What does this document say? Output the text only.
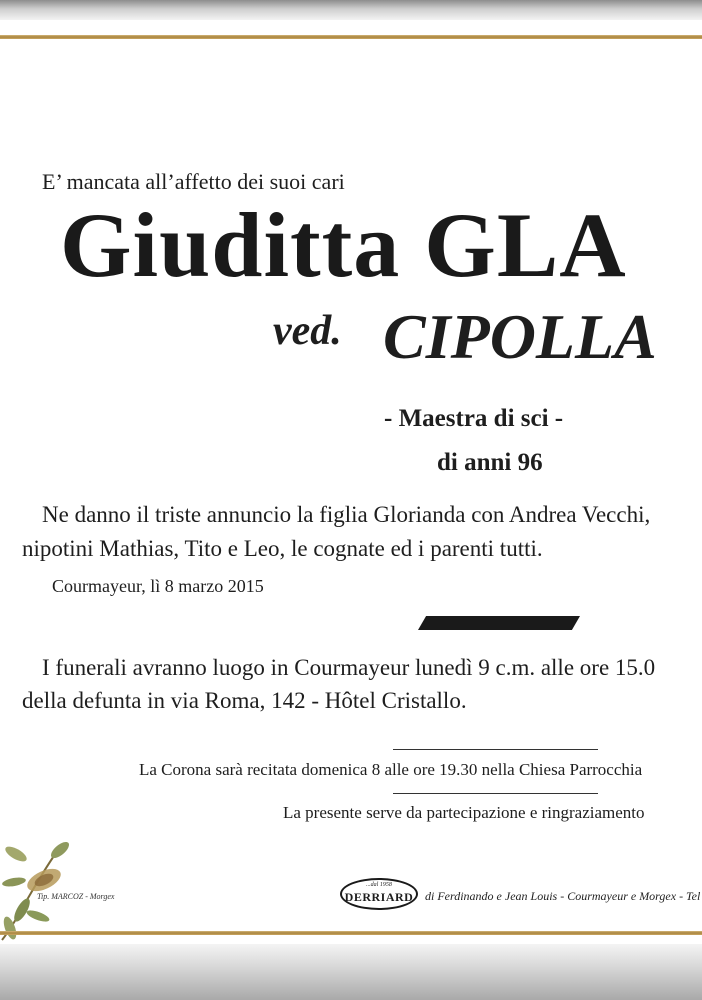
E’ mancata all’affetto dei suoi cari
Giuditta GLA
ved. CIPOLLA
- Maestra di sci -
di anni 96
Ne danno il triste annuncio la figlia Glorianda con Andrea Vecchi,
nipotini Mathias, Tito e Leo, le cognate ed i parenti tutti.
Courmayeur, lì 8 marzo 2015
I funerali avranno luogo in Courmayeur lunedì 9 c.m. alle ore 15.0
della defunta in via Roma, 142 - Hôtel Cristallo.
La Corona sarà recitata domenica 8 alle ore 19.30 nella Chiesa Parrocchia
La presente serve da partecipazione e ringraziamento
Tip. MARCOZ - Morgex
...dal 1958
DERRIARD di Ferdinando e Jean Louis - Courmayeur e Morgex - Tel
